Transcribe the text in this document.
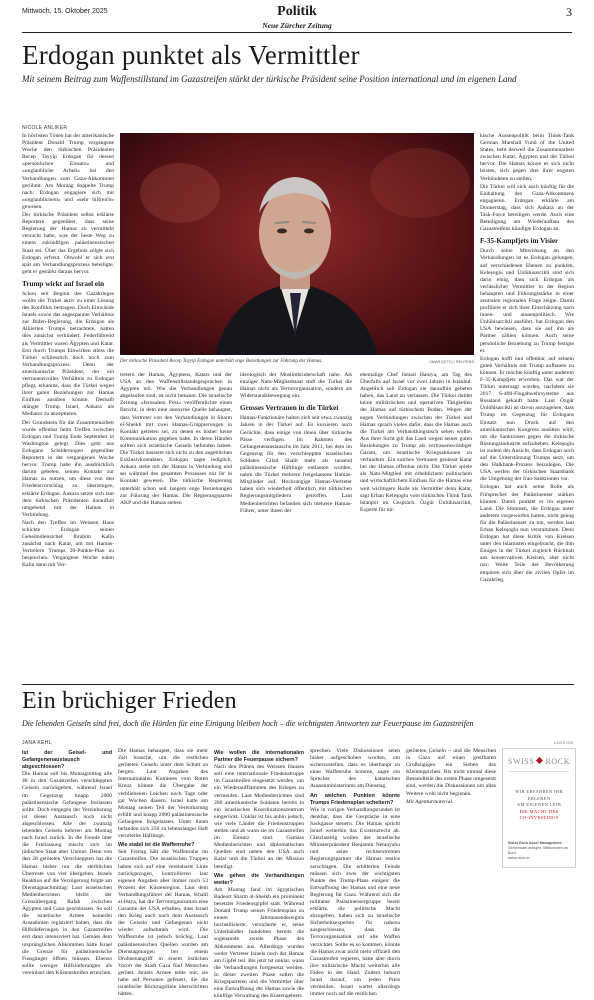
Mittwoch, 15. Oktober 2025	Politik
Neue Zürcher Zeitung
3
Erdogan punktet als Vermittler
Mit seinem Beitrag zum Waffenstillstand im Gazastreifen stärkt der türkische Präsident seine Position international und im eigenen Land
NICOLE ANLIKER

In höchsten Tönen hat der amerikanische Präsident Donald Trump vergangene Woche den türkischen Präsidenten Recep Tayyip Erdogan für dessen «persönlichen Einsatz» und «unglaubliche Arbeit» bei den Verhandlungen zum Gaza-Abkommen gerühmt. Am Montag doppelte Trump nach: Erdogan engagiere sich mit «unglaublichem» und «sehr hilfreich» gewesen.

Der türkische Präsident selbst erklärte Reportern gegenüber, dass seine Regierung der Hamas zu vermitteln versucht habe, was der beste Weg zu einem zukünftigen palästinensischen Staat sei. Über das Ergebnis zeigte sich Erdogan erfreut. Obwohl er sich erst spät am Verhandlungsprozess beteiligte, geht er gestärkt daraus hervor.

Trump wirkt auf Israel ein

Schon seit Beginn des Gazakrieges wollte die Türkei aktiv zu einer Lösung des Konflikts beitragen. Doch Einwände Israels sowie das angespannte Verhältnis zur Biden-Regierung, die Erdogan als Alliierten Trumps betrachtete, hatten dies zunächst verhindert. Federführend als Vermittler waren Ägypten und Katar. Erst durch Trumps Einwirken stiess die Türkei schliesslich doch noch zum Verhandlungsprozess. Denn der amerikanische Präsident, der ein vertrauensvolles Verhältnis zu Erdogan pflegt, erkannte, dass die Türkei wegen ihrer guten Beziehungen zur Hamas Einfluss ausüben könnte. Deshalb drängte Trump Israel, Ankara als Mediator zu akzeptieren.

Der Grundstein für die Zusammenarbeit wurde offenbar beim Treffen zwischen Erdogan und Trump Ende September in Washington gelegt. Dies geht aus Erdogans Schilderungen gegenüber Reportern in der vergangenen Woche hervor. Trump habe ihn ausdrücklich darum gebeten, seinen Kontakt zur Hamas zu nutzen, um diese von den Friedensvorschlag zu überzeugen, erklärte Erdogan. Ankara setzte sich laut dem türkischen Präsidenten daraufhin umgehend mit der Hamas in Verbindung.

Nach den Treffen im Weissen Haus schickte Erdogan seinen Geheimdienstchef Ibrahim Kalin zunächst nach Katar, um mit Hamas-Vertretern Trumps 20-Punkte-Plan zu besprechen. Vergangene Woche nahm Kalin dann mit Ver-

Der türkische Präsident Recep Tayyip Erdogan unterhält enge Beziehungen zur Führung der Hamas.	UMAR (DITC) / REUTERS

tretern der Hamas, Ägyptens, Katars und der USA an den Waffenstillstandsgesprächen in Ägypten teil. Wie die Verhandlungen genau abgelaufen sind, ist nicht bekannt. Die israelische Zeitung «Jerusalem Post» veröffentlichte einen Bericht, in dem eine anonyme Quelle behauptet, dass Vertreter von den Verhandlungen in Sharm el-Sheikh mit zwei Hamas-Gruppierungen in Kontakt getreten sei, zu denen es bisher keine Kommunikation gegeben habe. In deren Händen sollten sich israelische Geiseln befunden haben. Die Türkei äusserte sich nicht zu den angeblichen Exklusivkontakten. Erdogan sagte lediglich, Ankara stehe mit der Hamas in Verbindung und sei während des gesamten Prozesses mit ihr in Kontakt gewesen. Die türkische Regierung unterhält schon seit langem enge Beziehungen zur Führung der Hamas. Die Regierungspartei AKP und die Hamas stehen

ideologisch der Muslimbruderschaft nahe. Als einziger Nato-Mitgliedstaat stuft die Türkei die Hamas nicht als Terrororganisation, sondern als Widerstandsbewegung ein.

Grosses Vertrauen in die Türkei

Hamas-Funktionäre halten sich seit etwa zwanzig Jahren in der Türkei auf. Es kursieren auch Gerüchte, dass einige von ihnen über türkische Pässe verfügen. Im Rahmen des Gefangenenaustauschs im Jahr 2011, bei dem im Gegenzug für den verschleppten israelischen Soldaten Gilad Shalit mehr als tausend palästinensische Häftlinge entlassen wurden, nahm die Türkei mehrere freigelassene Hamas-Mitglieder auf. Hochrangige Hamas-Vertreter haben sich wiederholt öffentlich mit türkischen Regierungsmitgliedern getroffen. Laut Medienberichten befanden sich mehrere Hamas-Führer, unter ihnen der

ehemalige Chef Ismail Haniya, am Tag des Überfalls auf Israel vor zwei Jahren in Istanbul. Angeblich soll Erdogan sie daraufhin gebeten haben, das Land zu verlassen. Die Türkei duldet keine militärischen und operativen Tätigkeiten der Hamas auf türkischem Boden. Wegen der engen Verbindungen zwischen der Türkei und Hamas sprach vieles dafür, dass die Hamas auch die Türkei am Verhandlungstisch sehen wollte. Aus ihrer Sicht gilt das Land wegen seiner guten Beziehungen zu Trump als vertrauenswürdiger Garant, um israelische Kriegsaktionen zu verhindern. Ein solches Vertrauen geniesst Katar bei der Hamas offenbar nicht. Die Türkei spiele als Nato-Mitglied mit erheblichem politischem und wirtschaftlichem Einfluss für die Hamas eine weit wichtigere Rolle als Vermittler denn Katar, sagt Erhan Keleşoglu vom türkischen Think Tank Istanpol im Gespräch. Özgür Ünlühisarcikli, Experte für tür-

kische Aussenpolitik beim Think-Tank German Marshall Fund of the United States, hebt derweil die Zusammenarbeit zwischen Katar, Ägypten und der Türkei hervor. Die Hamas könne es sich nicht leisten, sich gegen drei ihrer engsten Verbündeten zu stellen.

Die Türkei will sich auch künftig für die Einhaltung des Gaza-Abkommens engagieren. Erdogan erklärte am Donnerstag, dass sich Ankara an der Task-Force beteiligen werde. Auch eine Beteiligung am Wiederaufbau des Gazastreifens kündigte Erdogan an.

F-35-Kampfjets im Visier

Durch seine Mitwirkung an den Verhandlungen ist es Erdogan gelungen, auf verschiedenen Ebenen zu punkten, Keleşoglu und Ünlühisarcikli sind sich darin einig, dass sich Erdogan als verlässlicher Vermittler in der Region behaupten und Führungsstärke in einer zentralen regionalen Frage zeigte. Damit profiliere er sich ihrer Einschätzung nach innen- und aussenpolitisch. Wie Ünlühisarcikli ausführt, hat Erdogan den USA bewiesen, dass sie auf ihn als Partner zählen können. Auch seine persönliche Beziehung zu Trump festigte er.

Erdogan hofft nun offenbar, auf seinem guten Verhältnis mit Trump aufbauen zu können. Er möchte künftig unter anderem F-35-Kampfjets erwerben. Das war der Türkei untersagt worden, nachdem sie 2017 S-400-Flugabwehrsysteme aus Russland gekauft hatte. Laut Özgür Ünlühisarcikli ist davon auszugehen, dass Trump im Gegenzug für Erdogans Einsatz nun Druck auf den amerikanischen Kongress ausüben wird, um die Sanktionen gegen die türkische Rüstungsindustrie aufzuheben. Keleşoglu ist zudem der Ansicht, dass Erdogan auch auf die Unterstützung Trumps setzt, um den Halkbank-Prozess beizulegen. Die USA werfen der türkischen Staatsbank die Umgehung der Iran-Sanktionen vor.

Erdogan hat auch seine Rolle als Fürsprecher der Palästinenser stärken können. Damit punktet er im eigenen Land. Die Stimmen, die Erdogan unter anderem vorgeworfen hatten, nicht genug für die Palästinenser zu tun, werden laut Erhan Keleşoglu nun verstummen. Denn Erdogan hat diese Kritik von Kreisen unter den Islamisten eingebracht, die ihm Einiges in der Türkei zugleich Rückhalt aus konservativen Kreisen, aber nicht nur: Weite Teile der Bevölkerung empören sich über die zivilen Opfer im Gazakrieg.

Ein brüchiger Frieden
Die lebenden Geiseln sind frei, doch die Hürden für eine Einigung bleiben hoch – die wichtigsten Antworten zur Feuerpause im Gazastreifen
JANA KEHL
Ist der Geisel- und Gefangenenaustausch abgeschlossen?

Die Hamas soll bis Montagmittag alle 48 in den Gazastreifen verschleppten Geiseln zurückgeben, während Israel im Gegenzug knapp 2000 palästinensische Gefangene freilassen sollte. Doch entgegen der Vereinbarung ist dieser Austausch noch nicht abgeschlossen. Alle der zwanzig lebenden Geiseln kehrten am Montag nach Israel zurück. In die Freude über die Freilassung mischt sich im jüdischen Staat aber Unmut. Denn von den 28 getöteten Verschleppten hat die Hamas bisher nur die sterblichen Überreste von vier übergeben. Israels Reaktion auf die Verzögerung folgte am Dienstagnachmittag: Laut israelischen Medienberichten bleibt der Grenzübergang Rafah zwischen Ägypten und Gaza geschlossen. So soll die israelische Armee keinerlei Ausnahmen registriert haben, dass die Hilfslieferungen in den Gazastreifen erst dann intensiviert hat. Gemäss dem ursprünglichen Abkommen hätte Israel die Grenze für palästinensische Fussgänger öffnen müssen. Ebenso sollte weniger Hilfslieferungen als vereinbart den Küstenstreifen erreichen.

Die Hamas behauptet, dass sie mehr Zeit brauche, um die restlichen getöteten Geiseln unter dem Schutt zu bergen. Laut Angaben des Internationalen Komitees vom Roten Kreuz könnte die Übergabe der verbliebenen Leichen noch Tage oder gar Wochen dauern. Israel hatte am Montag seinen Teil der Vereinbarung erfüllt und knapp 2000 palästinensische Gefangene freigelassen. Unter ihnen befanden sich 250 zu lebenslanger Haft verurteilte Häftlinge.

Wie stabil ist die Waffenruhe?

Seit Freitag hält die Waffenruhe im Gazastreifen. Die israelischen Truppen haben sich auf eine vereinbarte Linie zurückgezogen, kontrollieren laut eigenen Angaben aber immer noch 53 Prozent der Küstenregion. Laut dem Verhandlungsführer der Hamas, Khalil al-Haya, hat die Terrororganisation eine Garantie der USA erhalten, dass Israel den Krieg auch nach dem Austausch der Geiseln und Gefangenen nicht wieder aufnehmen wird. Die Waffenruhe ist jedoch brüchig. Laut palästinensischen Quellen wurden am Dienstagmorgen bei einem Drohnenangriff in einem östlichen Vorort der Stadt Gaza fünf Menschen getötet. Israels Armee teilte mit, sie habe auf Personen gefeuert, die die israelische Rückzugslinie überschritten hätten.

Wie wollen die internationalen Partner die Feuerpause sichern?

Nach den Plänen des Weissen Hauses soll eine internationale Friedenstruppe im Gazastreifen eingesetzt werden, um ein Wiederaufflammen des Krieges zu vermeiden. Laut Medienberichten sind 200 amerikanische Soldaten bereits in ein israelisches Koordinationszentrum eingerückt. Unklar ist bis anhin jedoch, wie viele Länder die Friedenstruppen stellen und ab wann sie im Gazastreifen im Einsatz sind. Gemäss Medienberichten und diplomatischen Quellen sind neben den USA auch Katar und die Türkei an der Mission beteiligt.

Wie gehen die Verhandlungen weiter?

Am Montag fand im ägyptischen Badeort Sharm al-Sheikh ein prominent besetzter Friedensgipfel statt. Während Donald Trump seinen Friedensplan zu einem Jahrtausendereignis hochstilisierte, versicherte er, seine Unterhändler hundelten bereits die sogenannte zweite Phase des Abkommens aus. Allerdings wurden weder Vertreter Israels noch der Hamas am Gipfel teil. Bis jetzt ist unklar, wann die Verhandlungen fortgesetzt werden. In dieser zweiten Phase sollen die Kriegsparteien und die Vermittler über eine Entwaffnung der Hamas sowie die künftige Verwaltung des Küstengebiets

sprechen. Viele Diskussionen seien bisher aufgeschoben worden, um sicherzustellen, dass es überhaupt zu einer Waffenruhe komme, sagte ein Sprecher des katarischen Aussenministeriums am Dienstag.

An welchen Punkten könnte Trumps Friedensplan scheitern?

Wie in vorigen Verhandlungsrunden ist denkbar, dass die Gespräche in eine Sackgasse steuern. Die Hamas spricht Israel weiterhin das Existenzrecht ab. Gleichzeitig wollen der israelische Ministerpräsident Benjamin Netanyahu und seine rechtsextremen Regierungspartner die Hamas restlos zerschlagen. Die erbitterten Feinde müssen sich zwei der wichtigsten Punkte des Trump-Plans einigen: die Entwaffnung der Hamas und eine neue Regierung für Gaza. Während sich die militante Palästinensergruppe bereit erklärte, die politische Macht abzugeben, haben sich zu israelische Sicherheitsexperten für nahezu ausgeschlossen, dass die Terrororganisation auf alle Waffen verzichtet. Sollte es so kommen, könnte die Hamas zwar nicht mehr offiziell den Gazastreifen regieren, hätte aber durch ihre militärische Macht weiterhin alle Fäden in der Hand. Zudem beharrt Israel darauf, um jeden Preis vermeiden. Israel wartet allerdings immer noch auf die restlichen

getöteten Geiseln – und die Menschen in Gaza auf einen greifbaren Großzügigen ein Sieben des Kleinteppichen. Bis nicht einmal diese Bestandteile des ersten Phase umgesetzt sind, werden die Diskussionen um alles Weitere wohl nicht beginnen.

Mit Agenturmaterial.

ANZEIGE
SWISS ROCK
WIR ERFAHREN IHR ERLEBEN
AM EIGENEN LEIB
DIE MACHT DES
CO-INVESTINGS
Swiss Rock Asset Management
Gemeinsam anlegen. Willkommen an Bord.
swiss-rock.ch
